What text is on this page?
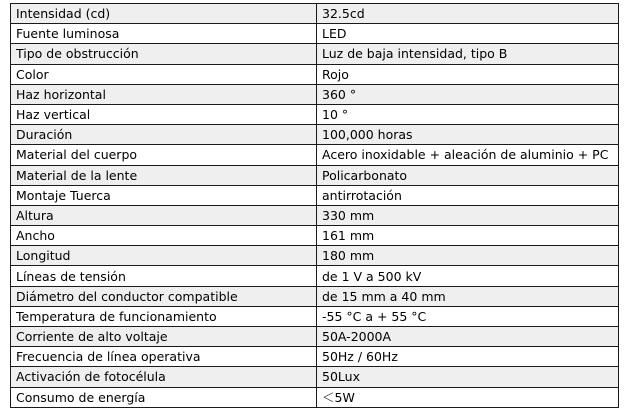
Intensidad (cd)	32.5cd
Fuente luminosa	LED
Tipo de obstrucción	Luz de baja intensidad, tipo B
Color	Rojo
Haz horizontal	360 °
Haz vertical	10 °
Duración	100,000 horas
Material del cuerpo	Acero inoxidable + aleación de aluminio + PC
Material de la lente	Policarbonato
Montaje Tuerca	antirrotación
Altura	330 mm
Ancho	161 mm
Longitud	180 mm
Líneas de tensión	de 1 V a 500 kV
Diámetro del conductor compatible	de 15 mm a 40 mm
Temperatura de funcionamiento	-55 °C a + 55 °C
Corriente de alto voltaje	50A-2000A
Frecuencia de línea operativa	50Hz / 60Hz
Activación de fotocélula	50Lux
Consumo de energía	＜5W
